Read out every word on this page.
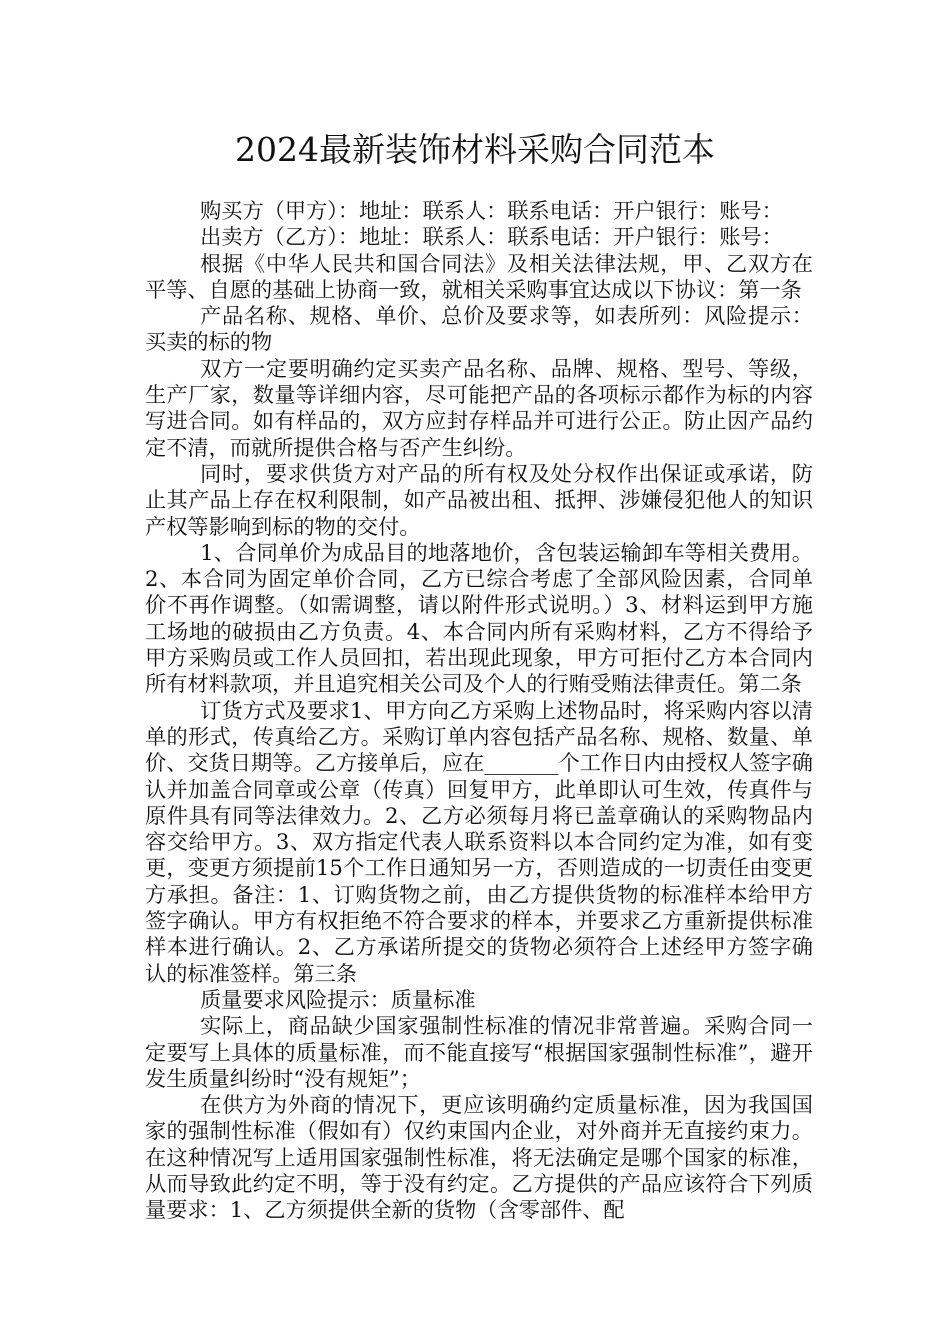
2024最新装饰材料采购合同范本

购买方（甲方）：地址：联系人：联系电话：开户银行：账号：

出卖方（乙方）：地址：联系人：联系电话：开户银行：账号：

根据《中华人民共和国合同法》及相关法律法规，甲、乙双方在平等、自愿的基础上协商一致，就相关采购事宜达成以下协议：第一条

产品名称、规格、单价、总价及要求等，如表所列：风险提示：买卖的标的物

双方一定要明确约定买卖产品名称、品牌、规格、型号、等级，生产厂家，数量等详细内容，尽可能把产品的各项标示都作为标的内容写进合同。如有样品的，双方应封存样品并可进行公正。防止因产品约定不清，而就所提供合格与否产生纠纷。

同时，要求供货方对产品的所有权及处分权作出保证或承诺，防止其产品上存在权利限制，如产品被出租、抵押、涉嫌侵犯他人的知识产权等影响到标的物的交付。

1、合同单价为成品目的地落地价，含包装运输卸车等相关费用。2、本合同为固定单价合同，乙方已综合考虑了全部风险因素，合同单价不再作调整。（如需调整，请以附件形式说明。）3、材料运到甲方施工场地的破损由乙方负责。4、本合同内所有采购材料，乙方不得给予甲方采购员或工作人员回扣，若出现此现象，甲方可拒付乙方本合同内所有材料款项，并且追究相关公司及个人的行贿受贿法律责任。第二条

订货方式及要求1、甲方向乙方采购上述物品时，将采购内容以清单的形式，传真给乙方。采购订单内容包括产品名称、规格、数量、单价、交货日期等。乙方接单后，应在_______个工作日内由授权人签字确认并加盖合同章或公章（传真）回复甲方，此单即认可生效，传真件与原件具有同等法律效力。2、乙方必须每月将已盖章确认的采购物品内容交给甲方。3、双方指定代表人联系资料以本合同约定为准，如有变更，变更方须提前15个工作日通知另一方，否则造成的一切责任由变更方承担。备注：1、订购货物之前，由乙方提供货物的标准样本给甲方签字确认。甲方有权拒绝不符合要求的样本，并要求乙方重新提供标准样本进行确认。2、乙方承诺所提交的货物必须符合上述经甲方签字确认的标准签样。第三条

质量要求风险提示：质量标准

实际上，商品缺少国家强制性标准的情况非常普遍。采购合同一定要写上具体的质量标准，而不能直接写“根据国家强制性标准”，避开发生质量纠纷时“没有规矩”；

在供方为外商的情况下，更应该明确约定质量标准，因为我国国家的强制性标准（假如有）仅约束国内企业，对外商并无直接约束力。在这种情况写上适用国家强制性标准，将无法确定是哪个国家的标准，从而导致此约定不明，等于没有约定。乙方提供的产品应该符合下列质量要求：1、乙方须提供全新的货物（含零部件、配
